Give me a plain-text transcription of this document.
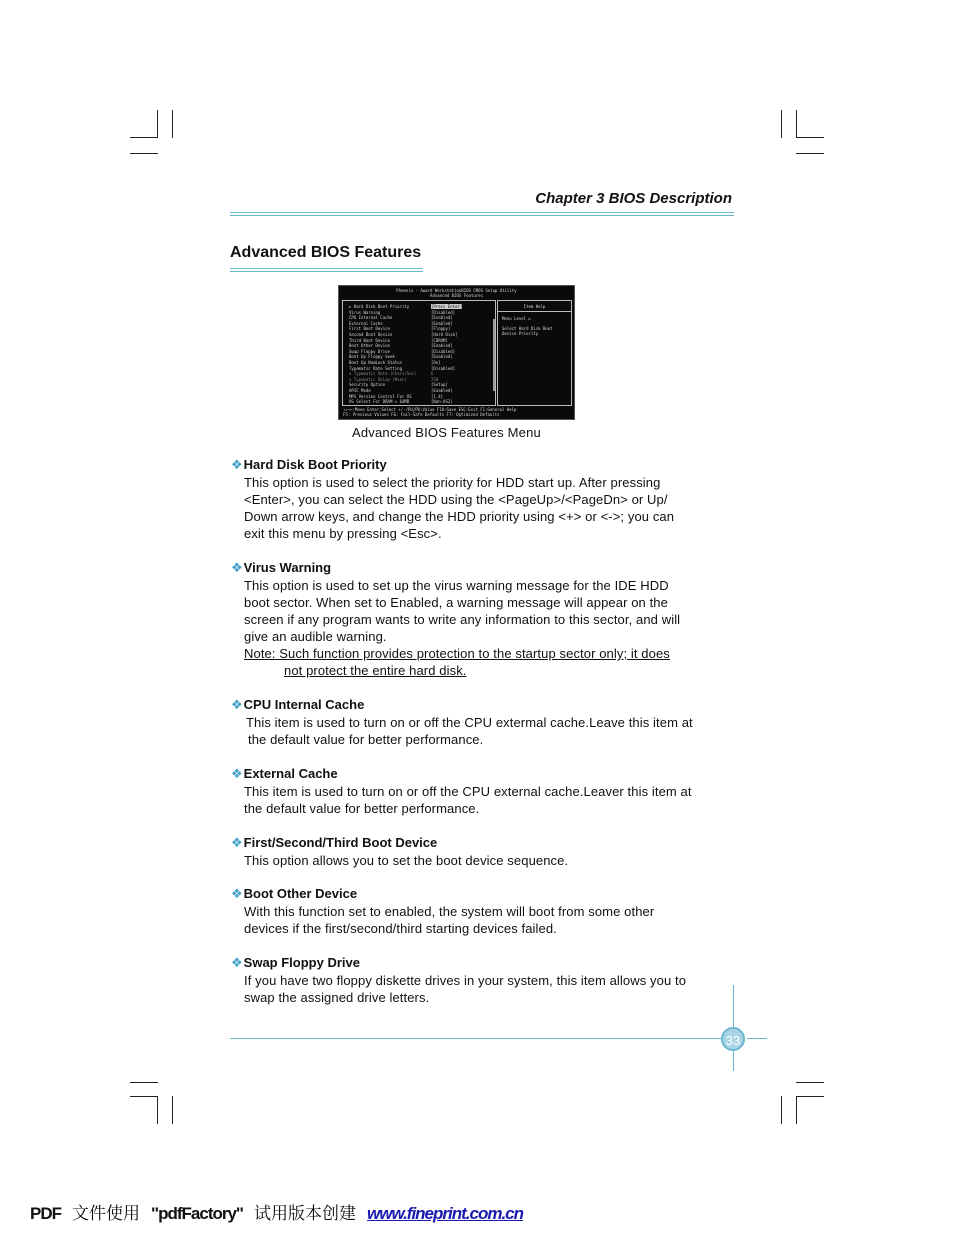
Chapter 3 BIOS Description
Advanced BIOS Features
Phoenix - Award WorkstationBIOS CMOS Setup Utility
Advanced BIOS Features
► Hard Disk Boot Priority	[Press Enter]
Virus Warning	[Disabled]
CPU Internal Cache	[Enabled]
External Cache	[Enabled]
First Boot Device	[Floppy]
Second Boot Device	[Hard Disk]
Third Boot Device	[CDROM]
Boot Other Device	[Enabled]
Swap Floppy Drive	[Disabled]
Boot Up Floppy Seek	[Enabled]
Boot Up NumLock Status	[On]
Typematic Rate Setting	[Disabled]
x Typematic Rate (Chars/Sec)	6
x Typematic Delay (Msec)	250
Security Option	[Setup]
APIC Mode	[Enabled]
MPS Version Control For OS	[1.4]
OS Select For DRAM > 64MB	[Non-OS2]
Item Help
Menu Level ►
Select Hard Disk Boot
Device Priority
↑↓→←:Move Enter:Select +/-/PU/PD:Value F10:Save ESC:Exit F1:General Help
F5: Previous Values F6: Fail-Safe Defaults F7: Optimized Defaults
Advanced BIOS Features Menu
❖Hard Disk Boot Priority
This option is used to select the priority for HDD start up. After pressing
<Enter>, you can select the HDD using the <PageUp>/<PageDn> or Up/
Down arrow keys, and change the HDD priority using <+> or <->; you can
exit this menu by pressing <Esc>.
❖Virus Warning
This option is used to set up the virus warning message for the IDE HDD
boot sector. When set to Enabled, a warning message will appear on the
screen if any program wants to write any information to this sector, and will
give an audible warning.
Note: Such function provides protection to the startup sector only; it does
not protect the entire hard disk.
❖CPU Internal Cache
This item is used to turn on or off the CPU extermal cache.Leave this item at
the default value for better performance.
❖External Cache
This item is used to turn on or off the CPU external cache.Leaver this item at
the default value for better performance.
❖First/Second/Third Boot Device
This option allows you to set the boot device sequence.
❖Boot Other Device
With this function set to enabled, the system will boot from some other
devices if the first/second/third starting devices failed.
❖Swap Floppy Drive
If you have two floppy diskette drives in your system, this item allows you to
swap the assigned drive letters.
33
PDF 文件使用 "pdfFactory" 试用版本创建 www.fineprint.com.cn
